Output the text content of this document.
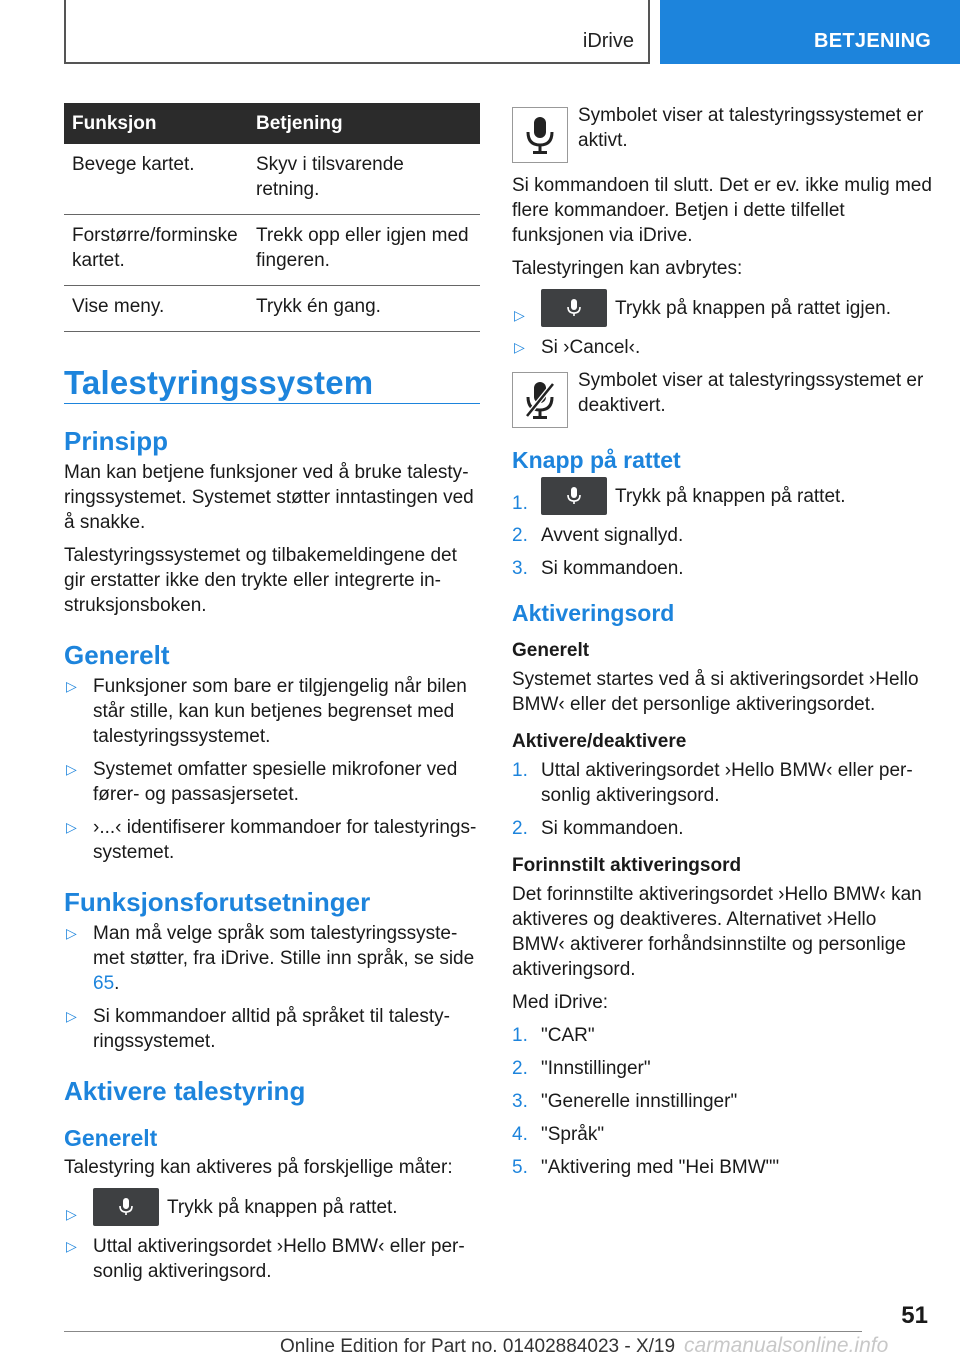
iDrive	BETJENING
Funksjon	Betjening
Bevege kartet.	Skyv i tilsvarende retning.
Forstørre/forminske kartet.	Trekk opp eller igjen med fingeren.
Vise meny.	Trykk én gang.
Talestyringssystem
Prinsipp

Man kan betjene funksjoner ved å bruke talestyringssystemet. Systemet støtter inntastingen ved å snakke.

Talestyringssystemet og tilbakemeldingene det gir erstatter ikke den trykte eller integrerte instruksjonsboken.

Generelt
▷ Funksjoner som bare er tilgjengelig når bilen står stille, kan kun betjenes begrenset med talestyringssystemet.
▷ Systemet omfatter spesielle mikrofoner ved fører- og passasjersetet.
▷ ›...‹ identifiserer kommandoer for talestyringssystemet.
Funksjonsforutsetninger
▷ Man må velge språk som talestyringssystemet støtter, fra iDrive. Stille inn språk, se side 65.
▷ Si kommandoer alltid på språket til talestyringssystemet.
Aktivere talestyring
Generelt

Talestyring kan aktiveres på forskjellige måter:

▷	Trykk på knappen på rattet.
▷ Uttal aktiveringsordet ›Hello BMW‹ eller personlig aktiveringsord.
Symbolet viser at talestyringssystemet er aktivt.

Si kommandoen til slutt. Det er ev. ikke mulig med flere kommandoer. Betjen i dette tilfellet funksjonen via iDrive.

Talestyringen kan avbrytes:

▷	Trykk på knappen på rattet igjen.
▷ Si ›Cancel‹.
Symbolet viser at talestyringssystemet er deaktivert.
Knapp på rattet
1.	Trykk på knappen på rattet.
2. Avvent signallyd.
3. Si kommandoen.
Aktiveringsord
Generelt

Systemet startes ved å si aktiveringsordet ›Hello BMW‹ eller det personlige aktiveringsordet.

Aktivere/deaktivere
1. Uttal aktiveringsordet ›Hello BMW‹ eller personlig aktiveringsord.
2. Si kommandoen.
Forinnstilt aktiveringsord

Det forinnstilte aktiveringsordet ›Hello BMW‹ kan aktiveres og deaktiveres. Alternativet ›Hello BMW‹ aktiverer forhåndsinnstilte og personlige aktiveringsord.

Med iDrive:

1. "CAR"
2. "Innstillinger"
3. "Generelle innstillinger"
4. "Språk"
5. "Aktivering med "Hei BMW""
51
Online Edition for Part no. 01402884023 - X/19 carmanualsonline.info
